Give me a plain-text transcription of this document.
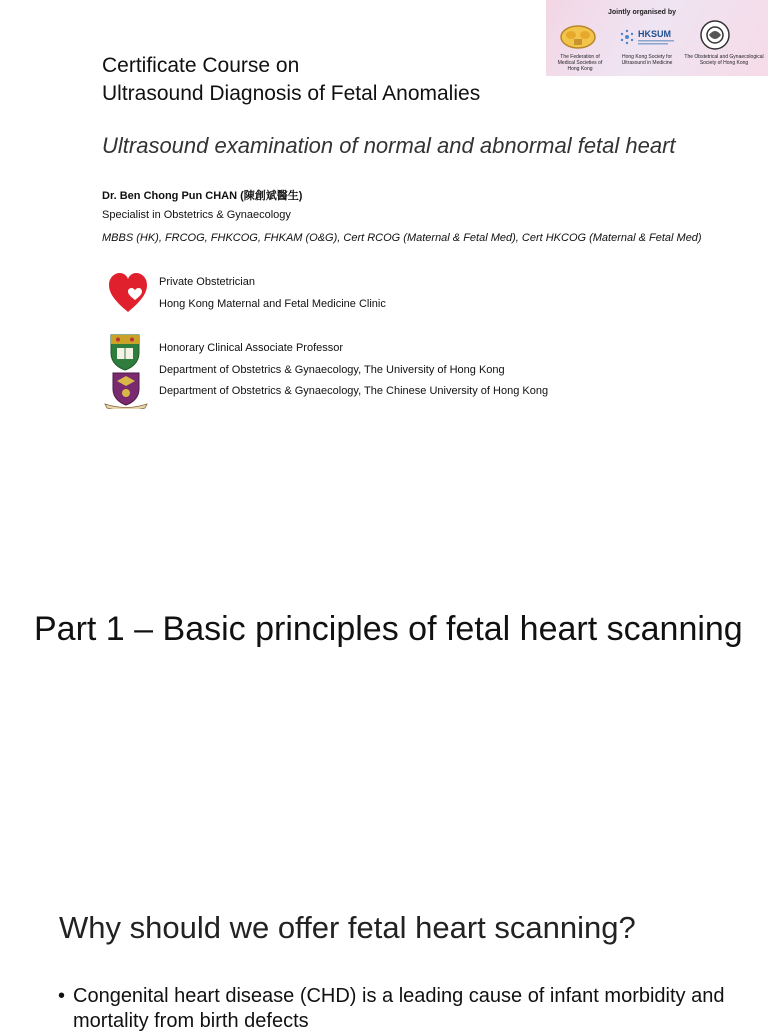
Jointly organised by
HKSUM
The Federation of Medical Societies of Hong Kong
Hong Kong Society for Ultrasound in Medicine
The Obstetrical and Gynaecological Society of Hong Kong
Certificate Course on
Ultrasound Diagnosis of Fetal Anomalies
Ultrasound examination of normal and abnormal fetal heart
Dr. Ben Chong Pun CHAN (陳創斌醫生)
Specialist in Obstetrics & Gynaecology
MBBS (HK), FRCOG, FHKCOG, FHKAM (O&G), Cert RCOG (Maternal & Fetal Med), Cert HKCOG (Maternal & Fetal Med)
Private Obstetrician
Hong Kong Maternal and Fetal Medicine Clinic
Honorary Clinical Associate Professor
Department of Obstetrics & Gynaecology, The University of Hong Kong
Department of Obstetrics & Gynaecology, The Chinese University of Hong Kong
Part 1 – Basic principles of fetal heart scanning
Why should we offer fetal heart scanning?
• Congenital heart disease (CHD) is a leading cause of infant morbidity and mortality from birth defects
